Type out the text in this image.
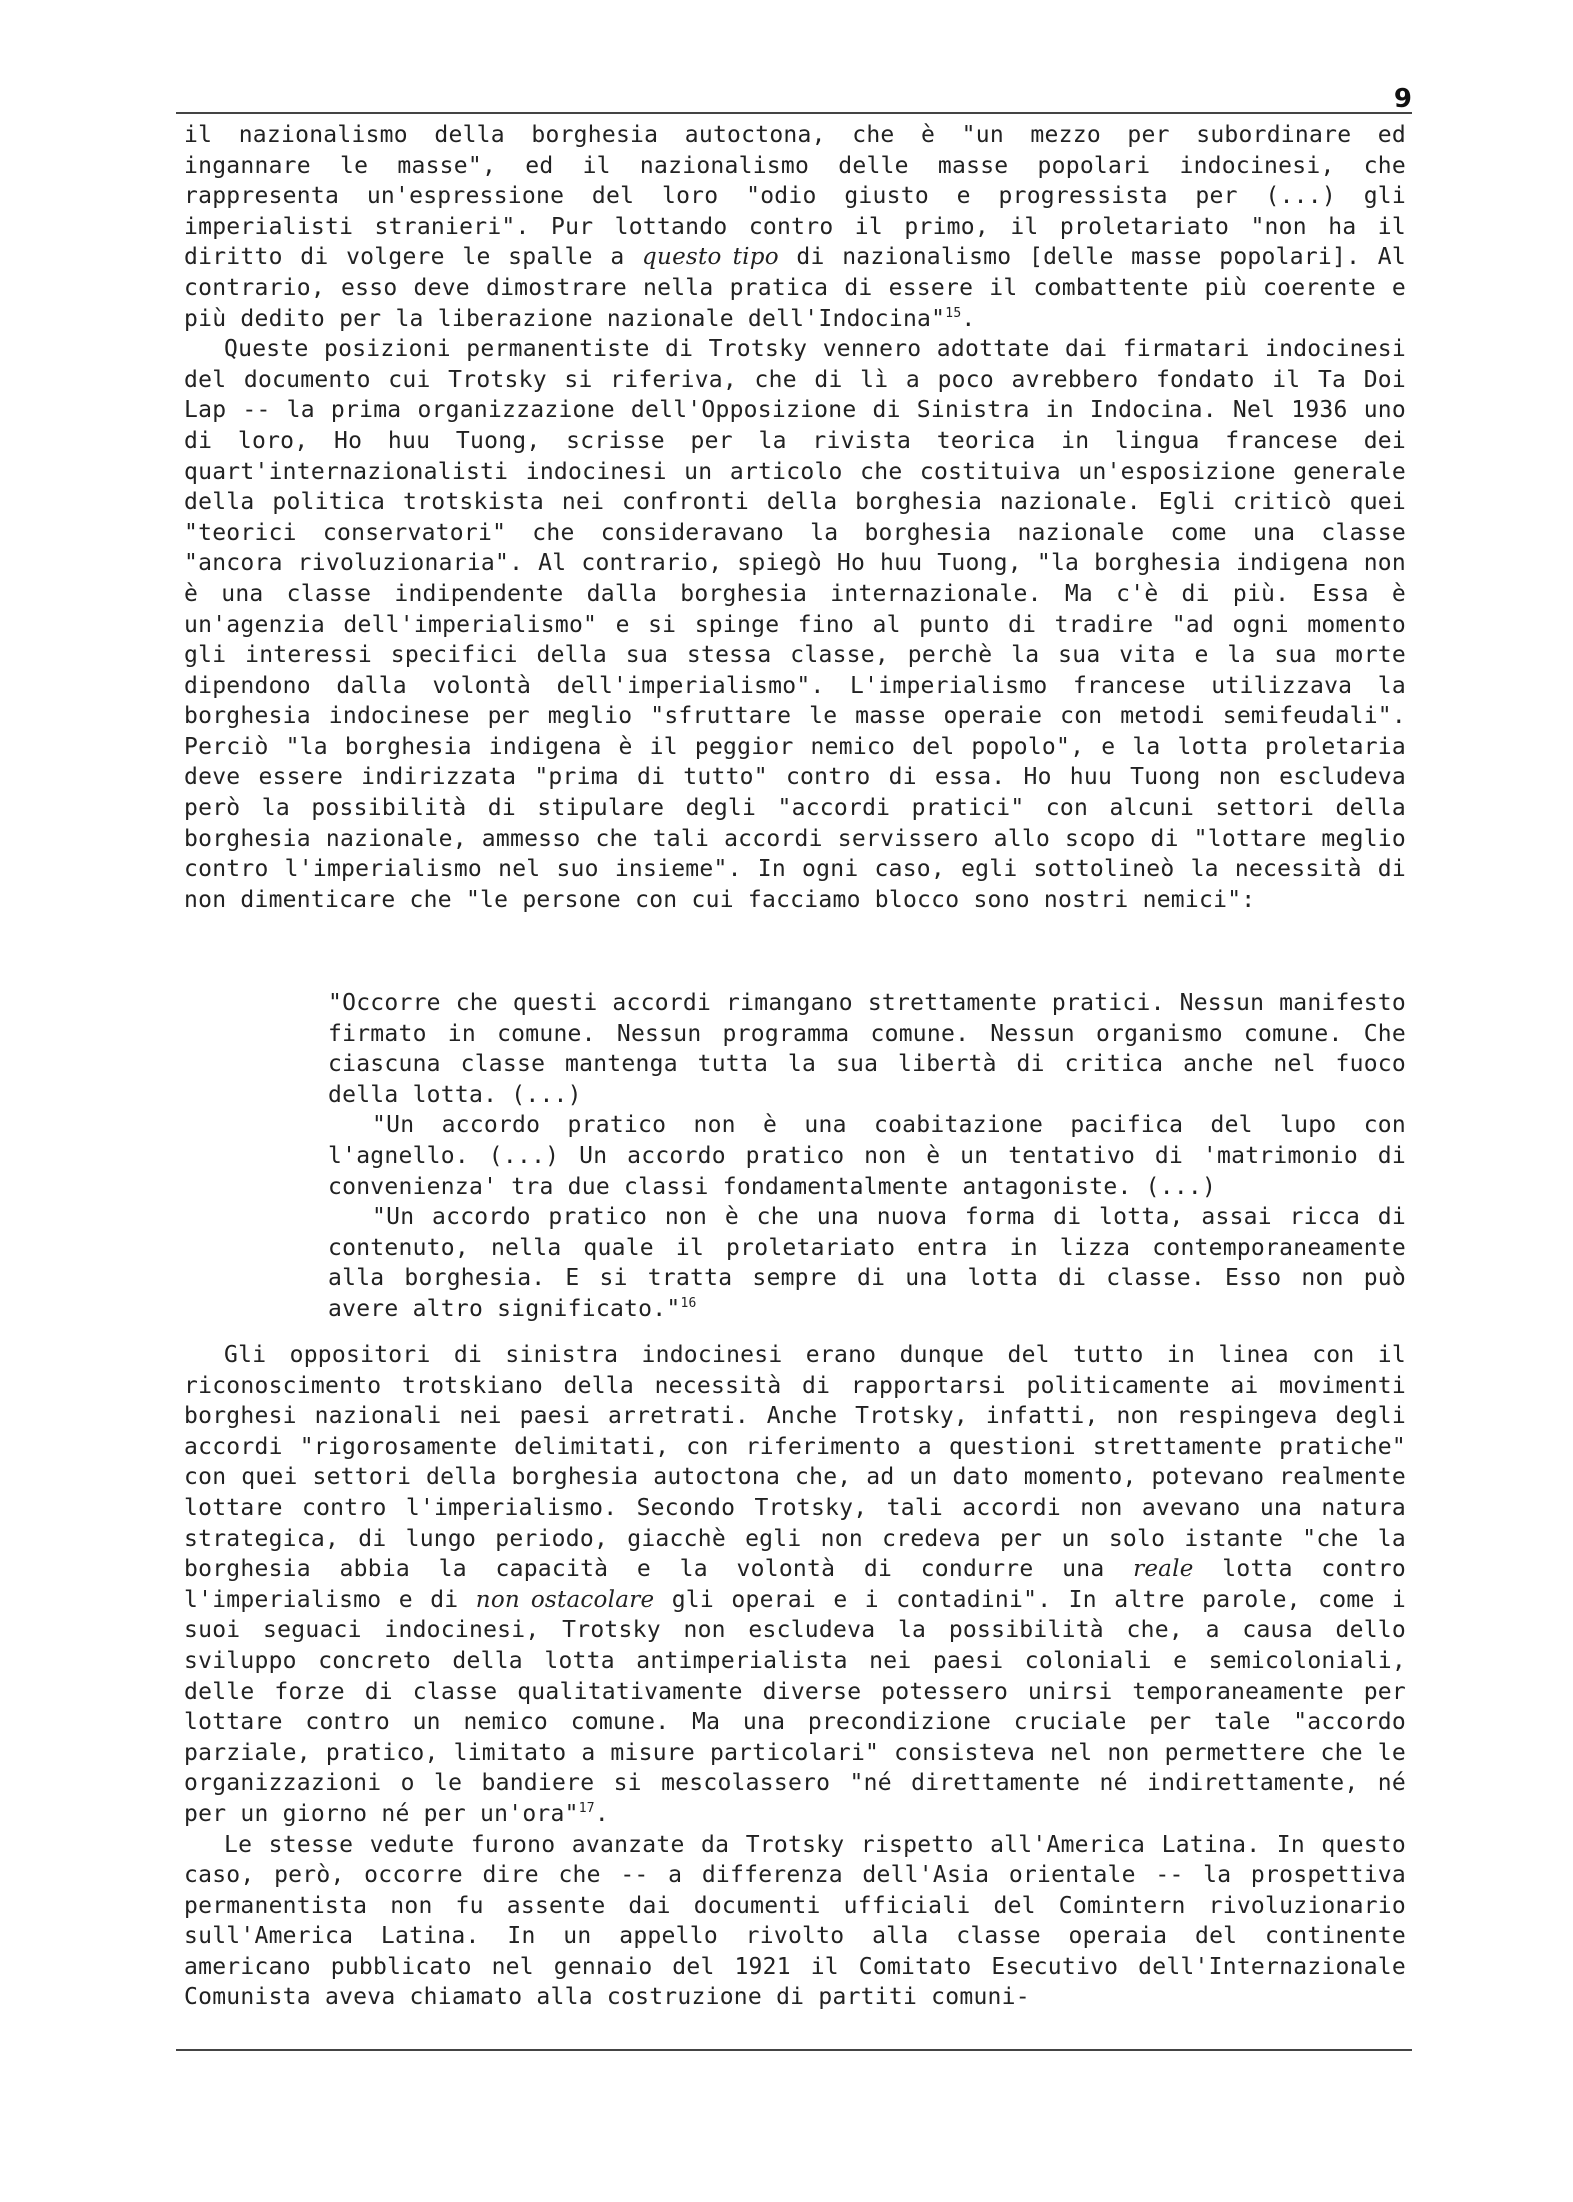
9

il nazionalismo della borghesia autoctona, che è "un mezzo per subordinare ed ingannare le masse", ed il nazionalismo delle masse popolari indocinesi, che rappresenta un'espressione del loro "odio giusto e progressista per (...) gli imperialisti stranieri". Pur lottando contro il primo, il proletariato "non ha il diritto di volgere le spalle a questo tipo di nazionalismo [delle masse popolari]. Al contrario, esso deve dimostrare nella pratica di essere il combattente più coerente e più dedito per la liberazione nazionale dell'Indocina"$^{15}$.

Queste posizioni permanentiste di Trotsky vennero adottate dai firmatari indocinesi del documento cui Trotsky si riferiva, che di lì a poco avrebbero fondato il Ta Doi Lap -- la prima organizzazione dell'Opposizione di Sinistra in Indocina. Nel 1936 uno di loro, Ho huu Tuong, scrisse per la rivista teorica in lingua francese dei quart'internazionalisti indocinesi un articolo che costituiva un'esposizione generale della politica trotskista nei confronti della borghesia nazionale. Egli criticò quei "teorici conservatori" che consideravano la borghesia nazionale come una classe "ancora rivoluzionaria". Al contrario, spiegò Ho huu Tuong, "la borghesia indigena non è una classe indipendente dalla borghesia internazionale. Ma c'è di più. Essa è un'agenzia dell'imperialismo" e si spinge fino al punto di tradire "ad ogni momento gli interessi specifici della sua stessa classe, perchè la sua vita e la sua morte dipendono dalla volontà dell'imperialismo". L'imperialismo francese utilizzava la borghesia indocinese per meglio "sfruttare le masse operaie con metodi semifeudali". Perciò "la borghesia indigena è il peggior nemico del popolo", e la lotta proletaria deve essere indirizzata "prima di tutto" contro di essa. Ho huu Tuong non escludeva però la possibilità di stipulare degli "accordi pratici" con alcuni settori della borghesia nazionale, ammesso che tali accordi servissero allo scopo di "lottare meglio contro l'imperialismo nel suo insieme". In ogni caso, egli sottolineò la necessità di non dimenticare che "le persone con cui facciamo blocco sono nostri nemici":

"Occorre che questi accordi rimangano strettamente pratici. Nessun manifesto firmato in comune. Nessun programma comune. Nessun organismo comune. Che ciascuna classe mantenga tutta la sua libertà di critica anche nel fuoco della lotta. (...)

"Un accordo pratico non è una coabitazione pacifica del lupo con l'agnello. (...) Un accordo pratico non è un tentativo di 'matrimonio di convenienza' tra due classi fondamentalmente antagoniste. (...)

"Un accordo pratico non è che una nuova forma di lotta, assai ricca di contenuto, nella quale il proletariato entra in lizza contemporaneamente alla borghesia. E si tratta sempre di una lotta di classe. Esso non può avere altro significato."$^{16}$

Gli oppositori di sinistra indocinesi erano dunque del tutto in linea con il riconoscimento trotskiano della necessità di rapportarsi politicamente ai movimenti borghesi nazionali nei paesi arretrati. Anche Trotsky, infatti, non respingeva degli accordi "rigorosamente delimitati, con riferimento a questioni strettamente pratiche" con quei settori della borghesia autoctona che, ad un dato momento, potevano realmente lottare contro l'imperialismo. Secondo Trotsky, tali accordi non avevano una natura strategica, di lungo periodo, giacchè egli non credeva per un solo istante "che la borghesia abbia la capacità e la volontà di condurre una reale lotta contro l'imperialismo e di non ostacolare gli operai e i contadini". In altre parole, come i suoi seguaci indocinesi, Trotsky non escludeva la possibilità che, a causa dello sviluppo concreto della lotta antimperialista nei paesi coloniali e semicoloniali, delle forze di classe qualitativamente diverse potessero unirsi temporaneamente per lottare contro un nemico comune. Ma una precondizione cruciale per tale "accordo parziale, pratico, limitato a misure particolari" consisteva nel non permettere che le organizzazioni o le bandiere si mescolassero "né direttamente né indirettamente, né per un giorno né per un'ora"$^{17}$.

Le stesse vedute furono avanzate da Trotsky rispetto all'America Latina. In questo caso, però, occorre dire che -- a differenza dell'Asia orientale -- la prospettiva permanentista non fu assente dai documenti ufficiali del Comintern rivoluzionario sull'America Latina. In un appello rivolto alla classe operaia del continente americano pubblicato nel gennaio del 1921 il Comitato Esecutivo dell'Internazionale Comunista aveva chiamato alla costruzione di partiti comuni-
